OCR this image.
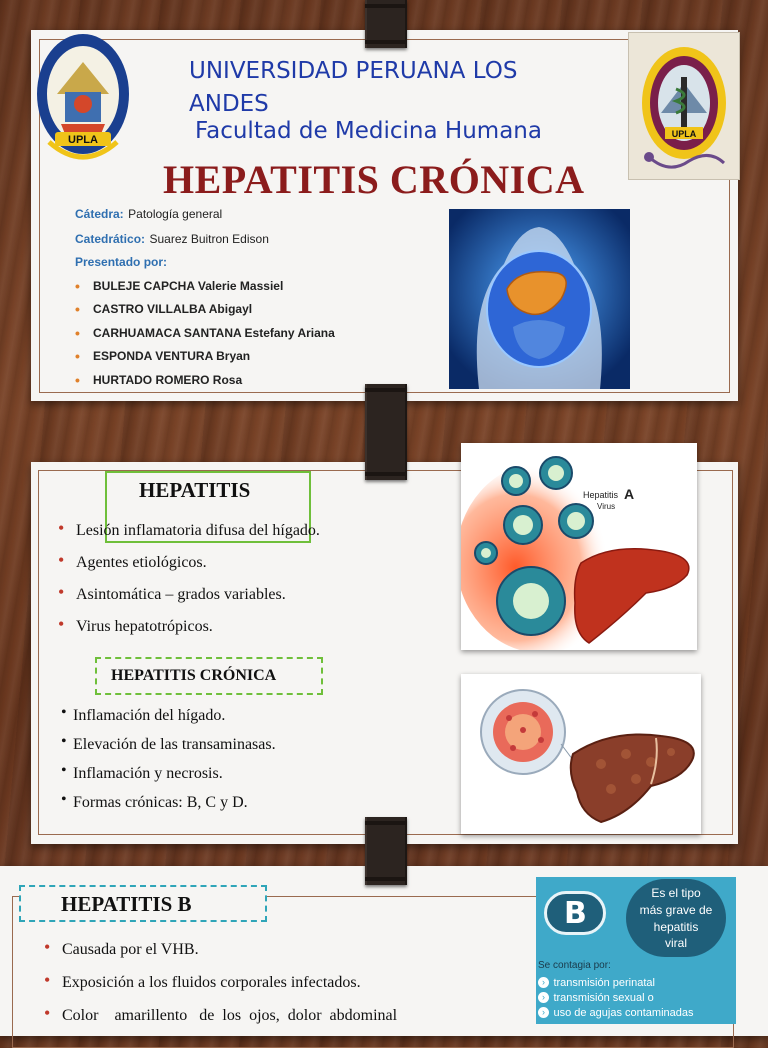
UPLA	UPLA
UNIVERSIDAD PERUANA LOS
ANDES
Facultad de Medicina Humana
HEPATITIS CRÓNICA
Cátedra: Patología general
Catedrático: Suarez Buitron Edison
Presentado por:
• BULEJE CAPCHA Valerie Massiel
• CASTRO VILLALBA Abigayl
• CARHUAMACA SANTANA Estefany Ariana
• ESPONDA VENTURA Bryan
• HURTADO ROMERO Rosa
HEPATITIS
• Lesión inflamatoria difusa del hígado.
• Agentes etiológicos.
• Asintomática – grados variables.
• Virus hepatotrópicos.
HEPATITIS CRÓNICA
• Inflamación del hígado.
• Elevación de las transaminasas.
• Inflamación y necrosis.
• Formas crónicas: B, C y D.
Hepatitis A
Virus
HEPATITIS B
• Causada por el VHB.
• Exposición a los fluidos corporales infectados.
• Color    amarillento   de  los  ojos,  dolor  abdominal
B
Es el tipo
más grave de
hepatitis
viral
Se contagia por:
› transmisión perinatal
› transmisión sexual o
› uso de agujas contaminadas
